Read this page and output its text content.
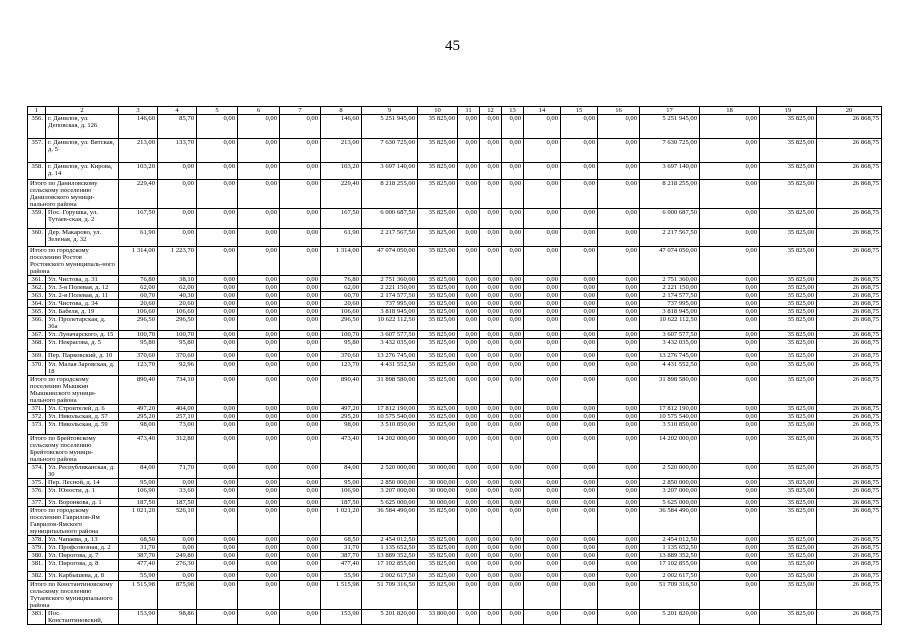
45
1	2	3	4	5	6	7	8	9	10	11	12	13	14	15	16	17	18	19	20
356.	г. Данилов, ул. Деповская, д. 126	146,60	85,70	0,00	0,00	0,00	146,60	5 251 945,00	35 825,00	0,00	0,00	0,00	0,00	0,00	0,00	5 251 945,00	0,00	35 825,00	26 868,75
357.	г. Данилов, ул. Вятская, д. 5	213,00	133,70	0,00	0,00	0,00	213,00	7 630 725,00	35 825,00	0,00	0,00	0,00	0,00	0,00	0,00	7 630 725,00	0,00	35 825,00	26 868,75
358.	г. Данилов, ул. Кирова, д. 14	103,20	0,00	0,00	0,00	0,00	103,20	3 697 140,00	35 825,00	0,00	0,00	0,00	0,00	0,00	0,00	3 697 140,00	0,00	35 825,00	26 868,75
Итого по Даниловскому сельскому поселению Даниловского муници-пального района		229,40	0,00	0,00	0,00	0,00	229,40	8 218 255,00	35 825,00	0,00	0,00	0,00	0,00	0,00	0,00	8 218 255,00	0,00	35 825,00	26 868,75
359.	Пос. Горушка, ул. Тутаев-ская, д. 2	167,50	0,00	0,00	0,00	0,00	167,50	6 000 687,50	35 825,00	0,00	0,00	0,00	0,00	0,00	0,00	6 000 687,50	0,00	35 825,00	26 868,75
360.	Дер. Макарово, ул. Зеленая, д. 32	61,90	0,00	0,00	0,00	0,00	61,90	2 217 567,50	35 825,00	0,00	0,00	0,00	0,00	0,00	0,00	2 217 567,50	0,00	35 825,00	26 868,75
Итого по городскому поселению Ростов Ростовского муниципаль-ного района		1 314,00	1 223,70	0,00	0,00	0,00	1 314,00	47 074 050,00	35 825,00	0,00	0,00	0,00	0,00	0,00	0,00	47 074 050,00	0,00	35 825,00	26 868,75
361.	Ул. Чистова, д. 31	76,80	38,10	0,00	0,00	0,00	76,80	2 751 360,00	35 825,00	0,00	0,00	0,00	0,00	0,00	0,00	2 751 360,00	0,00	35 825,00	26 868,75
362.	Ул. 3-я Полевая, д. 12	62,00	62,00	0,00	0,00	0,00	62,00	2 221 150,00	35 825,00	0,00	0,00	0,00	0,00	0,00	0,00	2 221 150,00	0,00	35 825,00	26 868,75
363.	Ул. 2-я Полевая, д. 11	60,70	40,30	0,00	0,00	0,00	60,70	2 174 577,50	35 825,00	0,00	0,00	0,00	0,00	0,00	0,00	2 174 577,50	0,00	35 825,00	26 868,75
364.	Ул. Чистова, д. 34	20,60	20,60	0,00	0,00	0,00	20,60	737 995,00	35 825,00	0,00	0,00	0,00	0,00	0,00	0,00	737 995,00	0,00	35 825,00	26 868,75
365.	Ул. Бабеля, д. 19	106,60	106,60	0,00	0,00	0,00	106,60	3 818 945,00	35 825,00	0,00	0,00	0,00	0,00	0,00	0,00	3 818 945,00	0,00	35 825,00	26 868,75
366.	Ул. Пролетарская, д. 36а	296,50	296,50	0,00	0,00	0,00	296,50	10 622 112,50	35 825,00	0,00	0,00	0,00	0,00	0,00	0,00	10 622 112,50	0,00	35 825,00	26 868,75
367.	Ул. Луначарского, д. 15	100,70	100,70	0,00	0,00	0,00	100,70	3 607 577,50	35 825,00	0,00	0,00	0,00	0,00	0,00	0,00	3 607 577,50	0,00	35 825,00	26 868,75
368.	Ул. Некрасова, д. 5	95,80	95,80	0,00	0,00	0,00	95,80	3 432 035,00	35 825,00	0,00	0,00	0,00	0,00	0,00	0,00	3 432 035,00	0,00	35 825,00	26 868,75
369.	Пер. Парковский, д. 10	370,60	370,60	0,00	0,00	0,00	370,60	13 276 745,00	35 825,00	0,00	0,00	0,00	0,00	0,00	0,00	13 276 745,00	0,00	35 825,00	26 868,75
370.	Ул. Малая Заровская, д. 18	123,70	92,96	0,00	0,00	0,00	123,70	4 431 552,50	35 825,00	0,00	0,00	0,00	0,00	0,00	0,00	4 431 552,50	0,00	35 825,00	26 868,75
Итого по городскому поселению Мышкин Мышкинского муници-пального района		890,40	734,10	0,00	0,00	0,00	890,40	31 898 580,00	35 825,00	0,00	0,00	0,00	0,00	0,00	0,00	31 898 580,00	0,00	35 825,00	26 868,75
371.	Ул. Строителей, д. 6	497,20	404,00	0,00	0,00	0,00	497,20	17 812 190,00	35 825,00	0,00	0,00	0,00	0,00	0,00	0,00	17 812 190,00	0,00	35 825,00	26 868,75
372.	Ул. Никольская, д. 57	295,20	257,10	0,00	0,00	0,00	295,20	10 575 540,00	35 825,00	0,00	0,00	0,00	0,00	0,00	0,00	10 575 540,00	0,00	35 825,00	26 868,75
373.	Ул. Никольская, д. 59	98,00	73,00	0,00	0,00	0,00	98,00	3 510 850,00	35 825,00	0,00	0,00	0,00	0,00	0,00	0,00	3 510 850,00	0,00	35 825,00	26 868,75
Итого по Брейтовскому сельскому поселению Брейтовского муници-пального района		473,40	312,80	0,00	0,00	0,00	473,40	14 202 000,00	30 000,00	0,00	0,00	0,00	0,00	0,00	0,00	14 202 000,00	0,00	35 825,00	26 868,75
374.	Ул. Республиканская, д. 30	84,00	71,70	0,00	0,00	0,00	84,00	2 520 000,00	30 000,00	0,00	0,00	0,00	0,00	0,00	0,00	2 520 000,00	0,00	35 825,00	26 868,75
375.	Пер. Лесной, д. 14	95,00	0,00	0,00	0,00	0,00	95,00	2 850 000,00	30 000,00	0,00	0,00	0,00	0,00	0,00	0,00	2 850 000,00	0,00	35 825,00	26 868,75
376.	Ул. Юности, д. 1	106,90	33,60	0,00	0,00	0,00	106,90	3 207 000,00	30 000,00	0,00	0,00	0,00	0,00	0,00	0,00	3 207 000,00	0,00	35 825,00	26 868,75
377.	Ул. Воронкова, д. 1	187,50	187,50	0,00	0,00	0,00	187,50	5 625 000,00	30 000,00	0,00	0,00	0,00	0,00	0,00	0,00	5 625 000,00	0,00	35 825,00	26 868,75
Итого по городскому поселению Гаврилов-Ям Гаврилов-Ямского муниципального района		1 021,20	526,10	0,00	0,00	0,00	1 021,20	36 584 490,00	35 825,00	0,00	0,00	0,00	0,00	0,00	0,00	36 584 490,00	0,00	35 825,00	26 868,75
378.	Ул. Чапаева, д. 13	68,50	0,00	0,00	0,00	0,00	68,50	2 454 012,50	35 825,00	0,00	0,00	0,00	0,00	0,00	0,00	2 454 012,50	0,00	35 825,00	26 868,75
379.	Ул. Профсоюзная, д. 2	31,70	0,00	0,00	0,00	0,00	31,70	1 135 652,50	35 825,00	0,00	0,00	0,00	0,00	0,00	0,00	1 135 652,50	0,00	35 825,00	26 868,75
380.	Ул. Пирогова, д. 7	387,70	249,80	0,00	0,00	0,00	387,70	13 889 352,50	35 825,00	0,00	0,00	0,00	0,00	0,00	0,00	13 889 352,50	0,00	35 825,00	26 868,75
381.	Ул. Пирогова, д. 8	477,40	276,30	0,00	0,00	0,00	477,40	17 102 855,00	35 825,00	0,00	0,00	0,00	0,00	0,00	0,00	17 102 855,00	0,00	35 825,00	26 868,75
382.	Ул. Карбышева, д. 8	55,90	0,00	0,00	0,00	0,00	55,90	2 002 617,50	35 825,00	0,00	0,00	0,00	0,00	0,00	0,00	2 002 617,50	0,00	35 825,00	26 868,75
Итого по Константиновскому сельскому поселению Тутаевского муниципального района		1 515,98	875,98	0,00	0,00	0,00	1 515,98	51 709 316,50	35 825,00	0,00	0,00	0,00	0,00	0,00	0,00	51 709 316,50	0,00	35 825,00	26 868,75
383.	Пос. Константиновский,	153,90	98,86	0,00	0,00	0,00	153,90	5 201 820,00	33 800,00	0,00	0,00	0,00	0,00	0,00	0,00	5 201 820,00	0,00	35 825,00	26 868,75
